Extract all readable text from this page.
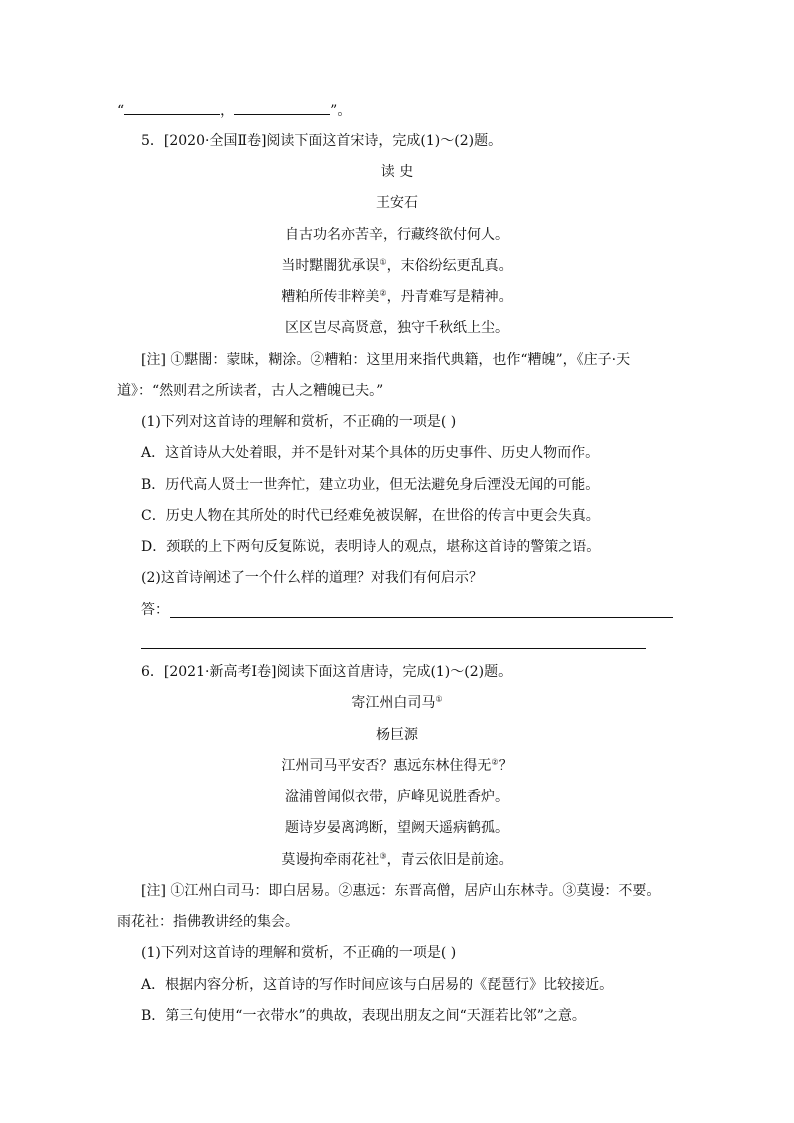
“	，	”。
5．[2020·全国Ⅱ卷]阅读下面这首宋诗，完成(1)～(2)题。
读 史
王安石
自古功名亦苦辛，行藏终欲付何人。
当时黮闇犹承误①，末俗纷纭更乱真。
糟粕所传非粹美②，丹青难写是精神。
区区岂尽高贤意，独守千秋纸上尘。
[注] ①黮闇：蒙昧，糊涂。②糟粕：这里用来指代典籍，也作“糟魄”，《庄子·天
道》：“然则君之所读者，古人之糟魄已夫。”
(1)下列对这首诗的理解和赏析，不正确的一项是( )
A．这首诗从大处着眼，并不是针对某个具体的历史事件、历史人物而作。
B．历代高人贤士一世奔忙，建立功业，但无法避免身后湮没无闻的可能。
C．历史人物在其所处的时代已经难免被误解，在世俗的传言中更会失真。
D．颈联的上下两句反复陈说，表明诗人的观点，堪称这首诗的警策之语。
(2)这首诗阐述了一个什么样的道理？对我们有何启示？
答：
6．[2021·新高考Ⅰ卷]阅读下面这首唐诗，完成(1)～(2)题。
寄江州白司马①
杨巨源
江州司马平安否？惠远东林住得无②？
湓浦曾闻似衣带，庐峰见说胜香炉。
题诗岁晏离鸿断，望阙天遥病鹤孤。
莫谩拘牵雨花社③，青云依旧是前途。
[注] ①江州白司马：即白居易。②惠远：东晋高僧，居庐山东林寺。③莫谩：不要。
雨花社：指佛教讲经的集会。
(1)下列对这首诗的理解和赏析，不正确的一项是( )
A．根据内容分析，这首诗的写作时间应该与白居易的《琵琶行》比较接近。
B．第三句使用“一衣带水”的典故，表现出朋友之间“天涯若比邻”之意。
